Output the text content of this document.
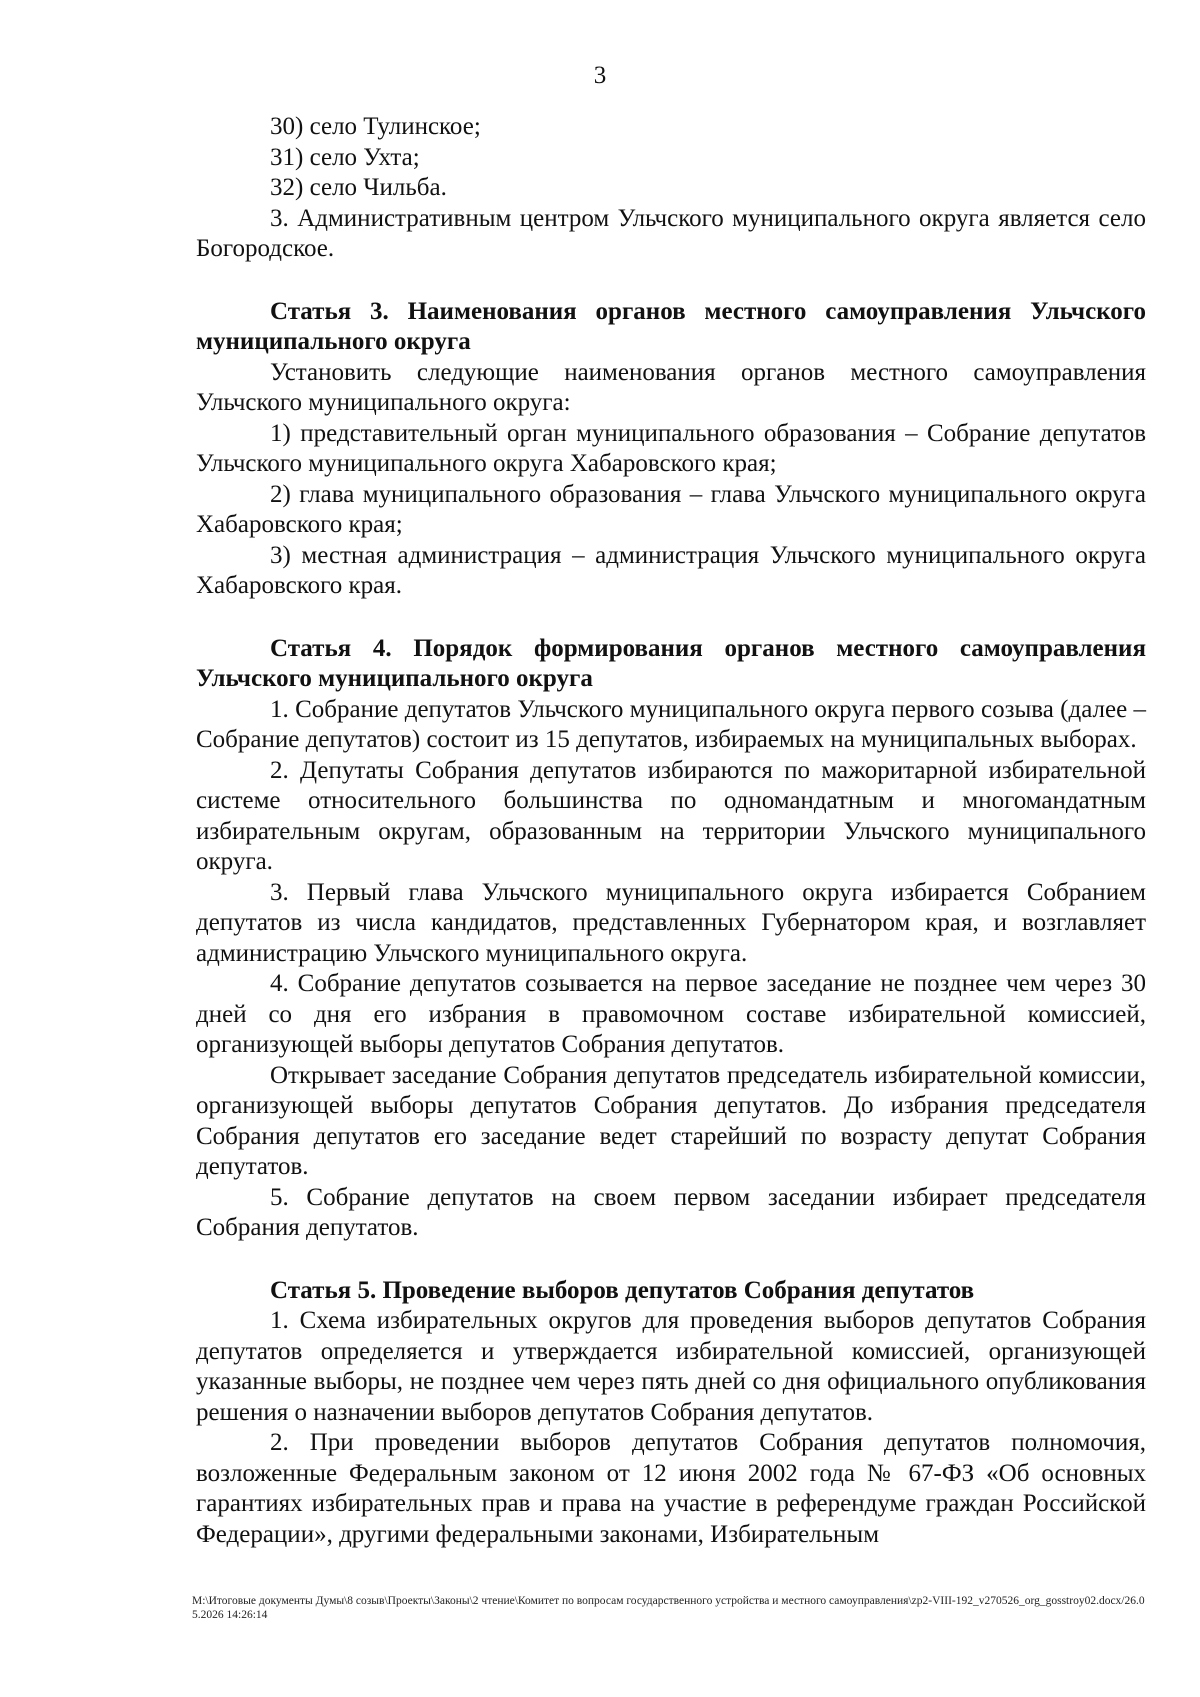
3

30) село Тулинское;

31) село Ухта;

32) село Чильба.

3. Административным центром Ульчского муниципального округа является село Богородское.

Статья 3. Наименования органов местного самоуправления Ульчского муниципального округа

Установить следующие наименования органов местного самоуправления Ульчского муниципального округа:

1) представительный орган муниципального образования – Собрание депутатов Ульчского муниципального округа Хабаровского края;

2) глава муниципального образования – глава Ульчского муниципального округа Хабаровского края;

3) местная администрация – администрация Ульчского муниципального округа Хабаровского края.

Статья 4. Порядок формирования органов местного самоуправления Ульчского муниципального округа

1. Собрание депутатов Ульчского муниципального округа первого созыва (далее – Собрание депутатов) состоит из 15 депутатов, избираемых на муниципальных выборах.

2. Депутаты Собрания депутатов избираются по мажоритарной избирательной системе относительного большинства по одномандатным и многомандатным избирательным округам, образованным на территории Ульчского муниципального округа.

3. Первый глава Ульчского муниципального округа избирается Собранием депутатов из числа кандидатов, представленных Губернатором края, и возглавляет администрацию Ульчского муниципального округа.

4. Собрание депутатов созывается на первое заседание не позднее чем через 30 дней со дня его избрания в правомочном составе избирательной комиссией, организующей выборы депутатов Собрания депутатов.

Открывает заседание Собрания депутатов председатель избирательной комиссии, организующей выборы депутатов Собрания депутатов. До избрания председателя Собрания депутатов его заседание ведет старейший по возрасту депутат Собрания депутатов.

5. Собрание депутатов на своем первом заседании избирает председателя Собрания депутатов.

Статья 5. Проведение выборов депутатов Собрания депутатов

1. Схема избирательных округов для проведения выборов депутатов Собрания депутатов определяется и утверждается избирательной комиссией, организующей указанные выборы, не позднее чем через пять дней со дня официального опубликования решения о назначении выборов депутатов Собрания депутатов.

2. При проведении выборов депутатов Собрания депутатов полномочия, возложенные Федеральным законом от 12 июня 2002 года № 67-ФЗ «Об основных гарантиях избирательных прав и права на участие в референдуме граждан Российской Федерации», другими федеральными законами, Избирательным

M:\Итоговые документы Думы\8 созыв\Проекты\Законы\2 чтение\Комитет по вопросам государственного устройства и местного самоуправления\zp2-VIII-192_v270526_org_gosstroy02.docx/26.05.2026 14:26:14
